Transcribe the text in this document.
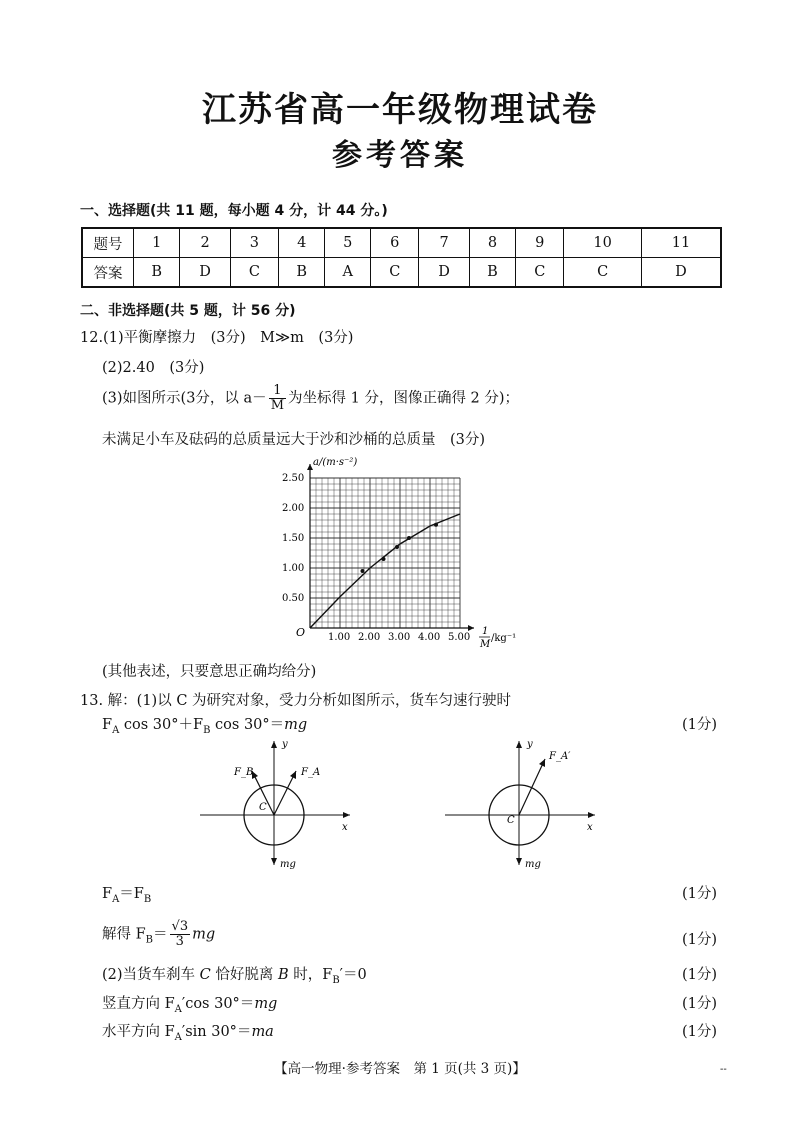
江苏省高一年级物理试卷
参考答案
一、选择题(共 11 题，每小题 4 分，计 44 分。)
题号	1	2	3	4	5	6	7	8	9	10	11
答案	B	D	C	B	A	C	D	B	C	C	D
二、非选择题(共 5 题，计 56 分)
12.(1)平衡摩擦力　(3分)　M≫m　(3分)
(2)2.40　(3分)
(3)如图所示(3分，以 $a- \frac{1}{M}$ 为坐标得 1 分，图像正确得 2 分)；
未满足小车及砝码的总质量远大于沙和沙桶的总质量　(3分)
1.00 2.00 3.00 4.00 5.00
0.50
1.00
1.50
2.00
2.50
a/(m·s⁻²)
O	1
M
/kg⁻¹
(其他表述，只要意思正确均给分)
13. 解：(1)以 C 为研究对象，受力分析如图所示，货车匀速行驶时
$F_A$ $\cos 30^\circ+F_B$ cos 30°＝mg	(1分)
y
x
F_A
F_B
C
mg
y
x
F_A′
C
mg
$F_A=F_B$	(1分)
解得 $F_B= \frac{√3}{3}$ mg	(1分)
(2)当货车刹车 C 恰好脱离 B 时，$F_B'=0$	(1分)
竖直方向 $F_A'\cos$ 30°＝mg	(1分)
水平方向 $F_A'\sin$ 30°＝ma	(1分)
【高一物理·参考答案　第 1 页(共 3 页)】	--
